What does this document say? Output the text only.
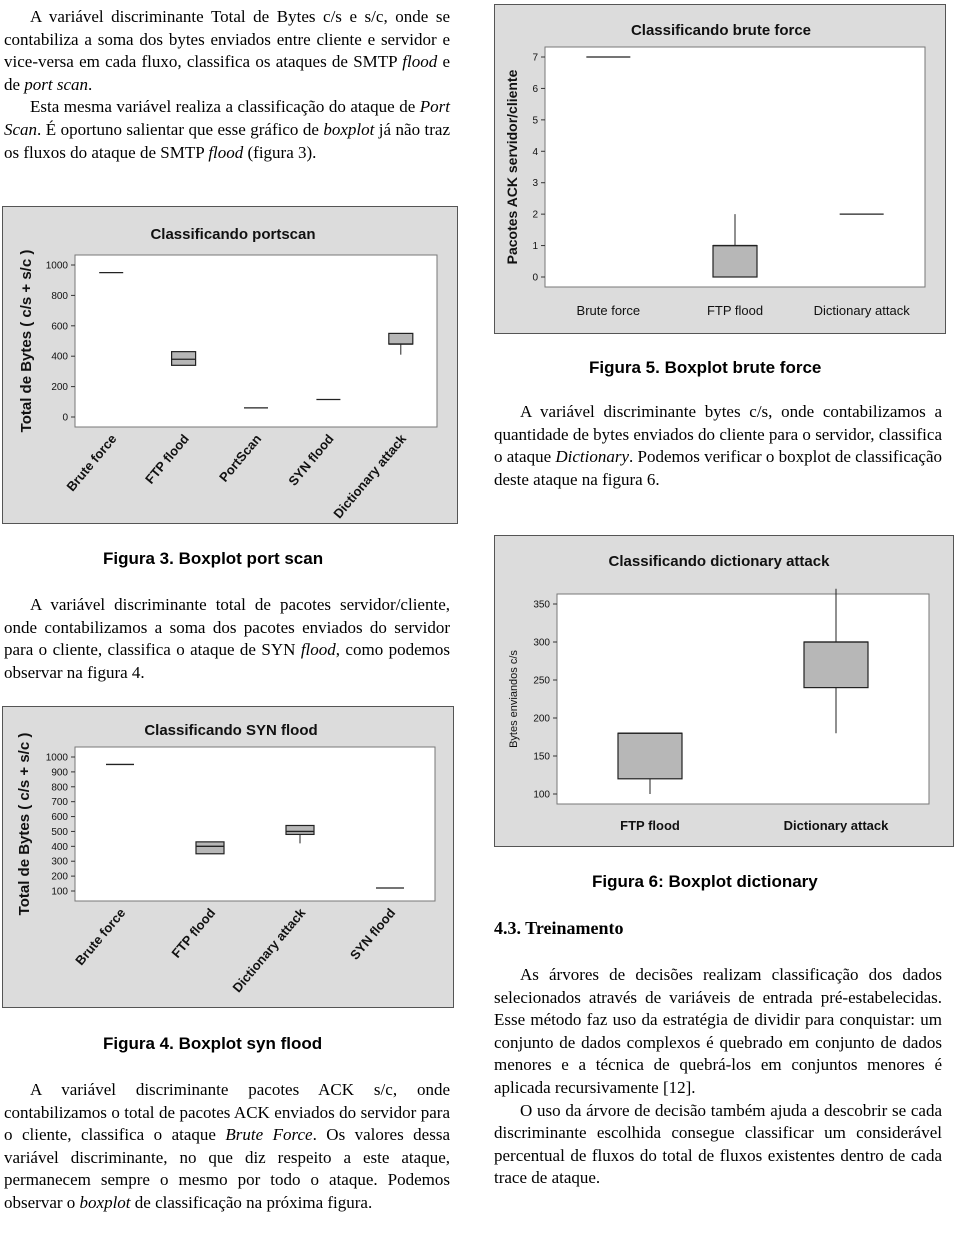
A variável discriminante Total de Bytes c/s e s/c, onde se contabiliza a soma dos bytes enviados entre cliente e servidor e vice-versa em cada fluxo, classifica os ataques de SMTP flood e de port scan.

Esta mesma variável realiza a classificação do ataque de Port Scan. É oportuno salientar que esse gráfico de boxplot já não traz os fluxos do ataque de SMTP flood (figura 3).

Classificando portscan
Total de Bytes ( c/s + s/c )	0
200
400
600
800
1000
Brute force FTP flood PortScan SYN flood
Dictionary attack
Figura 3. Boxplot port scan

A variável discriminante total de pacotes servidor/cliente, onde contabilizamos a soma dos pacotes enviados do servidor para o cliente, classifica o ataque de SYN flood, como podemos observar na figura 4.

Classificando SYN flood
Total de Bytes ( c/s + s/c ) 100
200
300
400
500
600
700
800
900
1000
Brute force	FTP flood Dictionary attack	SYN flood
Figura 4. Boxplot syn flood

A variável discriminante pacotes ACK s/c, onde contabilizamos o total de pacotes ACK enviados do servidor para o cliente, classifica o ataque Brute Force. Os valores dessa variável discriminante, no que diz respeito a este ataque, permanecem sempre o mesmo por todo o ataque. Podemos observar o boxplot de classificação na próxima figura.

Classificando brute force
Pacotes ACK servidor/cliente
0
1
2
3
4
5
6
7
Brute force	FTP flood	Dictionary attack
Figura 5. Boxplot brute force

A variável discriminante bytes c/s, onde contabilizamos a quantidade de bytes enviados do cliente para o servidor, classifica o ataque Dictionary. Podemos verificar o boxplot de classificação deste ataque na figura 6.

Classificando dictionary attack
Bytes enviandos c/s
100
150
200
250
300
350
FTP flood	Dictionary attack
Figura 6: Boxplot dictionary
4.3. Treinamento

As árvores de decisões realizam classificação dos dados selecionados através de variáveis de entrada pré-estabelecidas. Esse método faz uso da estratégia de dividir para conquistar: um conjunto de dados complexos é quebrado em conjunto de dados menores e a técnica de quebrá-los em conjuntos menores é aplicada recursivamente [12].

O uso da árvore de decisão também ajuda a descobrir se cada discriminante escolhida consegue classificar um considerável percentual de fluxos do total de fluxos existentes dentro de cada trace de ataque.
